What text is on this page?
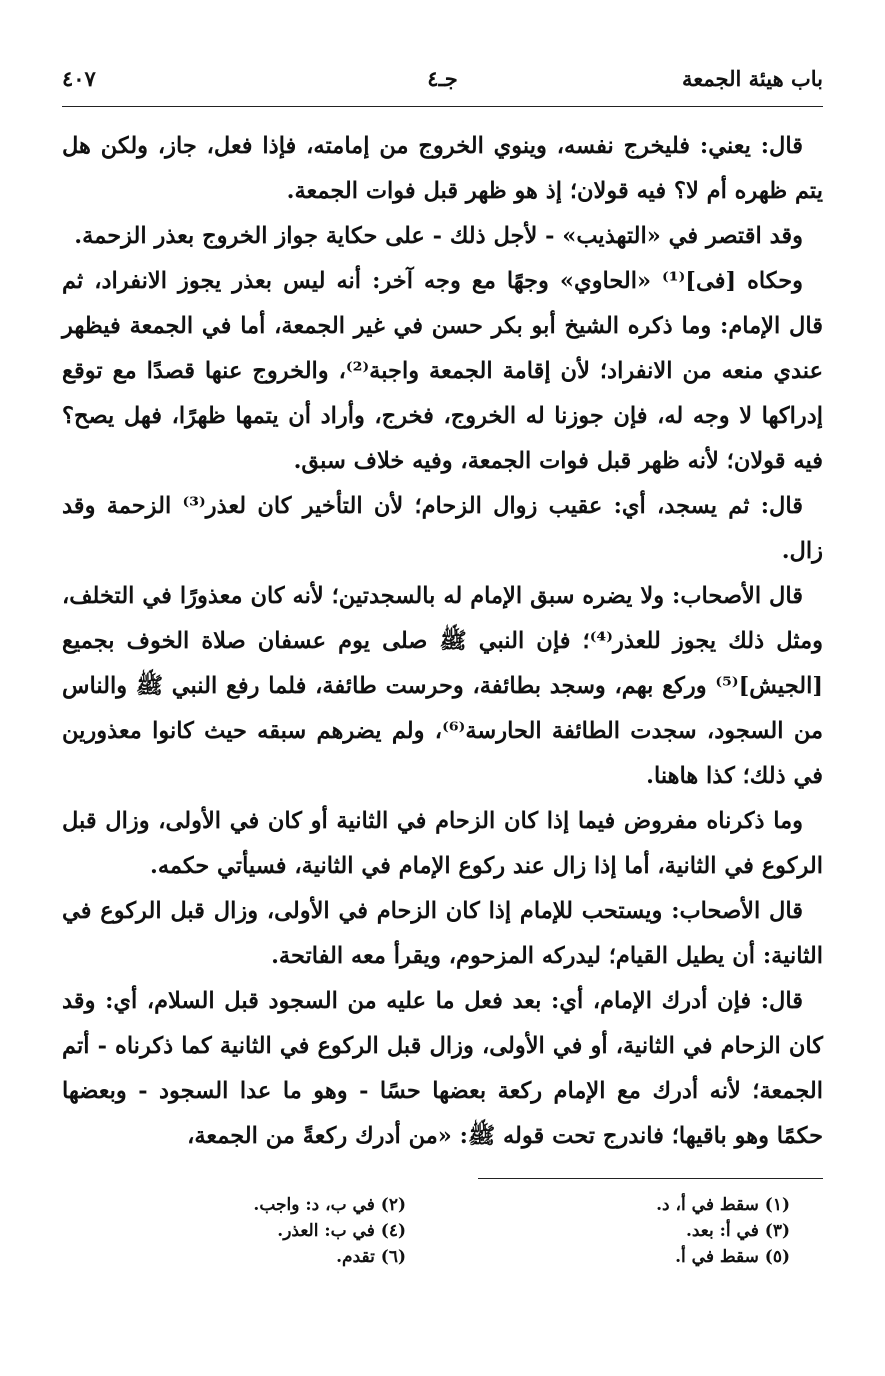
باب هيئة الجمعة
جـ٤
٤٠٧

قال: يعني: فليخرج نفسه، وينوي الخروج من إمامته، فإذا فعل، جاز، ولكن هل يتم ظهره أم لا؟ فيه قولان؛ إذ هو ظهر قبل فوات الجمعة.

وقد اقتصر في «التهذيب» - لأجل ذلك - على حكاية جواز الخروج بعذر الزحمة.

وحكاه [فى]⁽¹⁾ «الحاوي» وجهًا مع وجه آخر: أنه ليس بعذر يجوز الانفراد، ثم قال الإمام: وما ذكره الشيخ أبو بكر حسن في غير الجمعة، أما في الجمعة فيظهر عندي منعه من الانفراد؛ لأن إقامة الجمعة واجبة⁽²⁾، والخروج عنها قصدًا مع توقع إدراكها لا وجه له، فإن جوزنا له الخروج، فخرج، وأراد أن يتمها ظهرًا، فهل يصح؟ فيه قولان؛ لأنه ظهر قبل فوات الجمعة، وفيه خلاف سبق.

قال: ثم يسجد، أي: عقيب زوال الزحام؛ لأن التأخير كان لعذر⁽³⁾ الزحمة وقد زال.

قال الأصحاب: ولا يضره سبق الإمام له بالسجدتين؛ لأنه كان معذورًا في التخلف، ومثل ذلك يجوز للعذر⁽⁴⁾؛ فإن النبي ﷺ صلى يوم عسفان صلاة الخوف بجميع [الجيش]⁽⁵⁾ وركع بهم، وسجد بطائفة، وحرست طائفة، فلما رفع النبي ﷺ والناس من السجود، سجدت الطائفة الحارسة⁽⁶⁾، ولم يضرهم سبقه حيث كانوا معذورين في ذلك؛ كذا هاهنا.

وما ذكرناه مفروض فيما إذا كان الزحام في الثانية أو كان في الأولى، وزال قبل الركوع في الثانية، أما إذا زال عند ركوع الإمام في الثانية، فسيأتي حكمه.

قال الأصحاب: ويستحب للإمام إذا كان الزحام في الأولى، وزال قبل الركوع في الثانية: أن يطيل القيام؛ ليدركه المزحوم، ويقرأ معه الفاتحة.

قال: فإن أدرك الإمام، أي: بعد فعل ما عليه من السجود قبل السلام، أي: وقد كان الزحام في الثانية، أو في الأولى، وزال قبل الركوع في الثانية كما ذكرناه - أتم الجمعة؛ لأنه أدرك مع الإمام ركعة بعضها حسًا - وهو ما عدا السجود - وبعضها حكمًا وهو باقيها؛ فاندرج تحت قوله ﷺ: «من أدرك ركعةً من الجمعة،

(١) سقط في أ، د.
(٢) في ب، د: واجب.
(٣) في أ: بعد.
(٤) في ب: العذر.
(٥) سقط في أ.
(٦) تقدم.
